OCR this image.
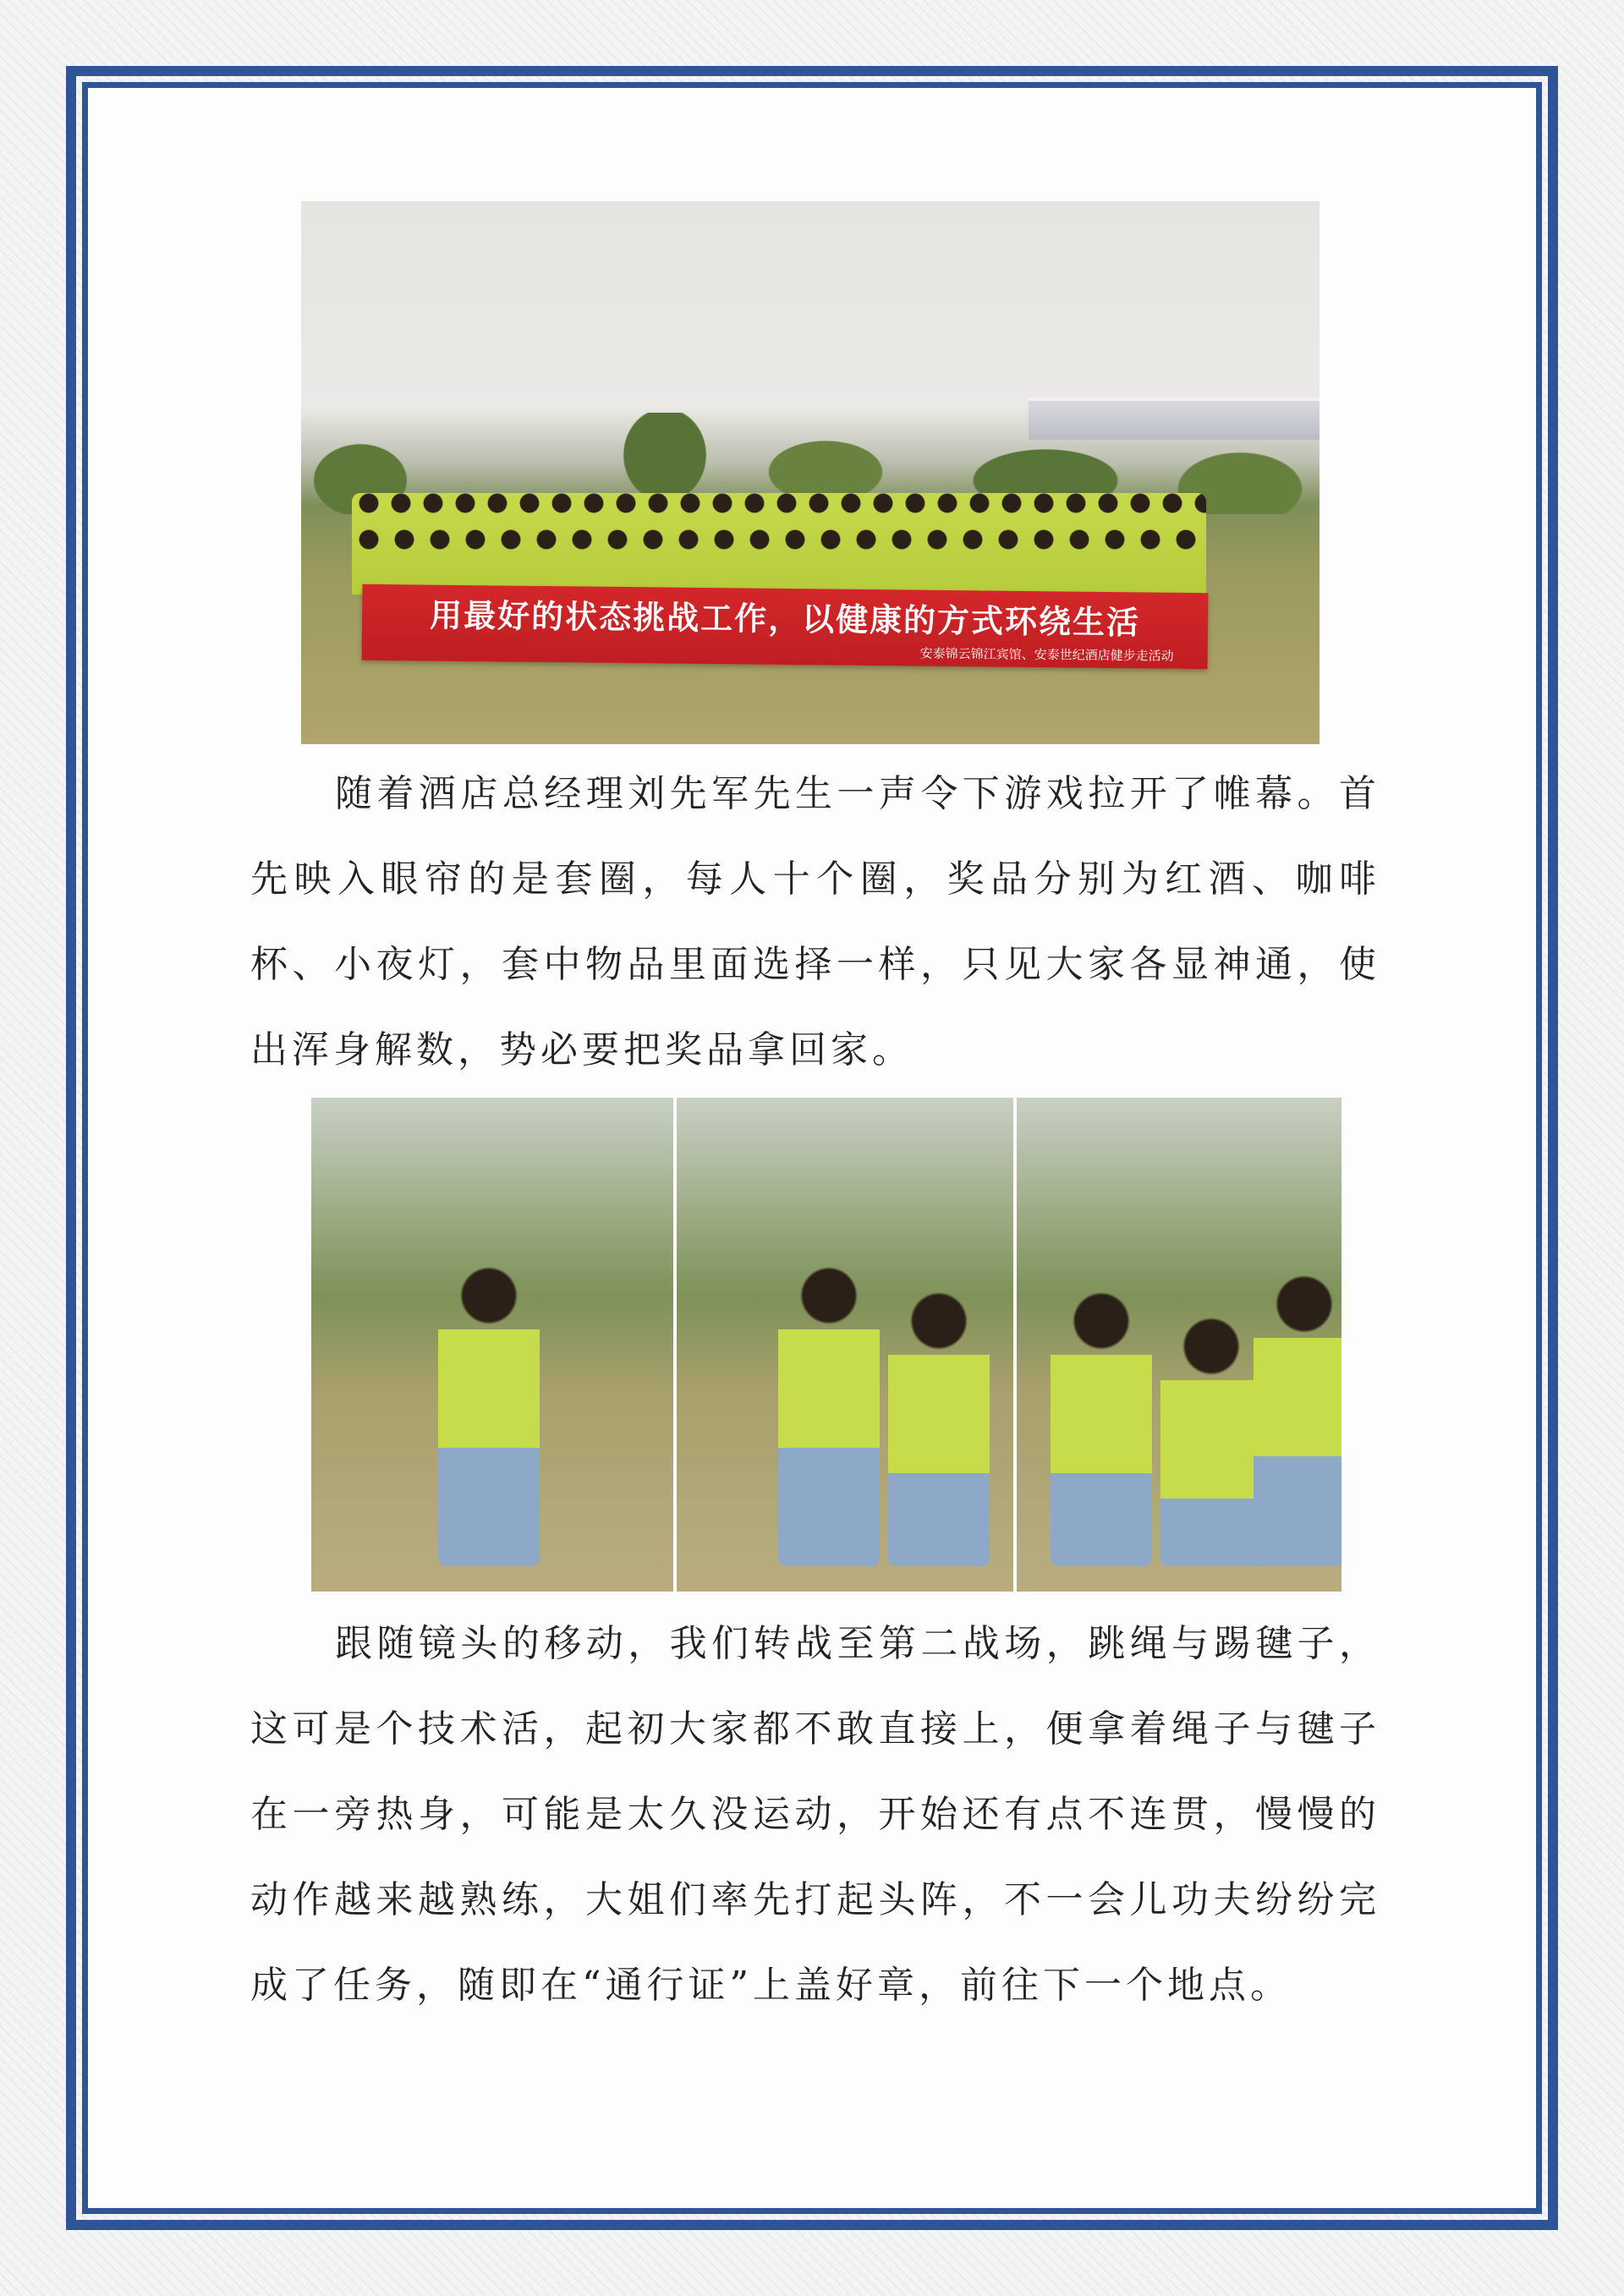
用最好的状态挑战工作，以健康的方式环绕生活
安泰锦云锦江宾馆、安泰世纪酒店健步走活动

随着酒店总经理刘先军先生一声令下游戏拉开了帷幕。首先映入眼帘的是套圈，每人十个圈，奖品分别为红酒、咖啡杯、小夜灯，套中物品里面选择一样，只见大家各显神通，使出浑身解数，势必要把奖品拿回家。

跟随镜头的移动，我们转战至第二战场，跳绳与踢毽子，这可是个技术活，起初大家都不敢直接上，便拿着绳子与毽子在一旁热身，可能是太久没运动，开始还有点不连贯，慢慢的动作越来越熟练，大姐们率先打起头阵，不一会儿功夫纷纷完成了任务，随即在“通行证”上盖好章，前往下一个地点。
